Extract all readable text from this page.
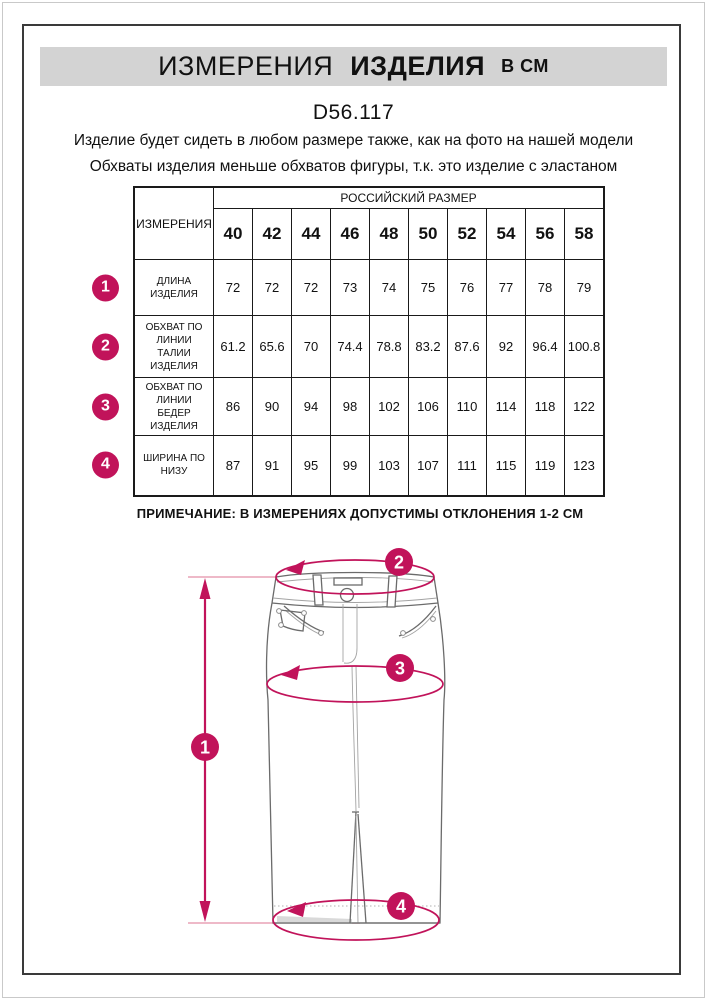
ИЗМЕРЕНИЯ ИЗДЕЛИЯ В СМ
D56.117
Изделие будет сидеть в любом размере также, как на фото на нашей модели
Обхваты изделия меньше обхватов фигуры, т.к. это изделие с эластаном
ИЗМЕРЕНИЯ	РОССИЙСКИЙ РАЗМЕР									
	40	42	44	46	48	50	52	54	56	58

1 ДЛИНА ИЗДЕЛИЯ	72	72	72	73	74	75	76	77	78	79

2
ОБХВАТ ПО ЛИНИИ ТАЛИИ ИЗДЕЛИЯ	61.2	65.6	70	74.4	78.8	83.2	87.6	92	96.4	100.8

3
ОБХВАТ ПО ЛИНИИ БЕДЕР ИЗДЕЛИЯ	86	90	94	98	102	106	110	114	118	122

4 ШИРИНА ПО НИЗУ	87	91	95	99	103	107	111	115	119	123
ПРИМЕЧАНИЕ: В ИЗМЕРЕНИЯХ ДОПУСТИМЫ ОТКЛОНЕНИЯ 1-2 СМ
1
2
3
4
